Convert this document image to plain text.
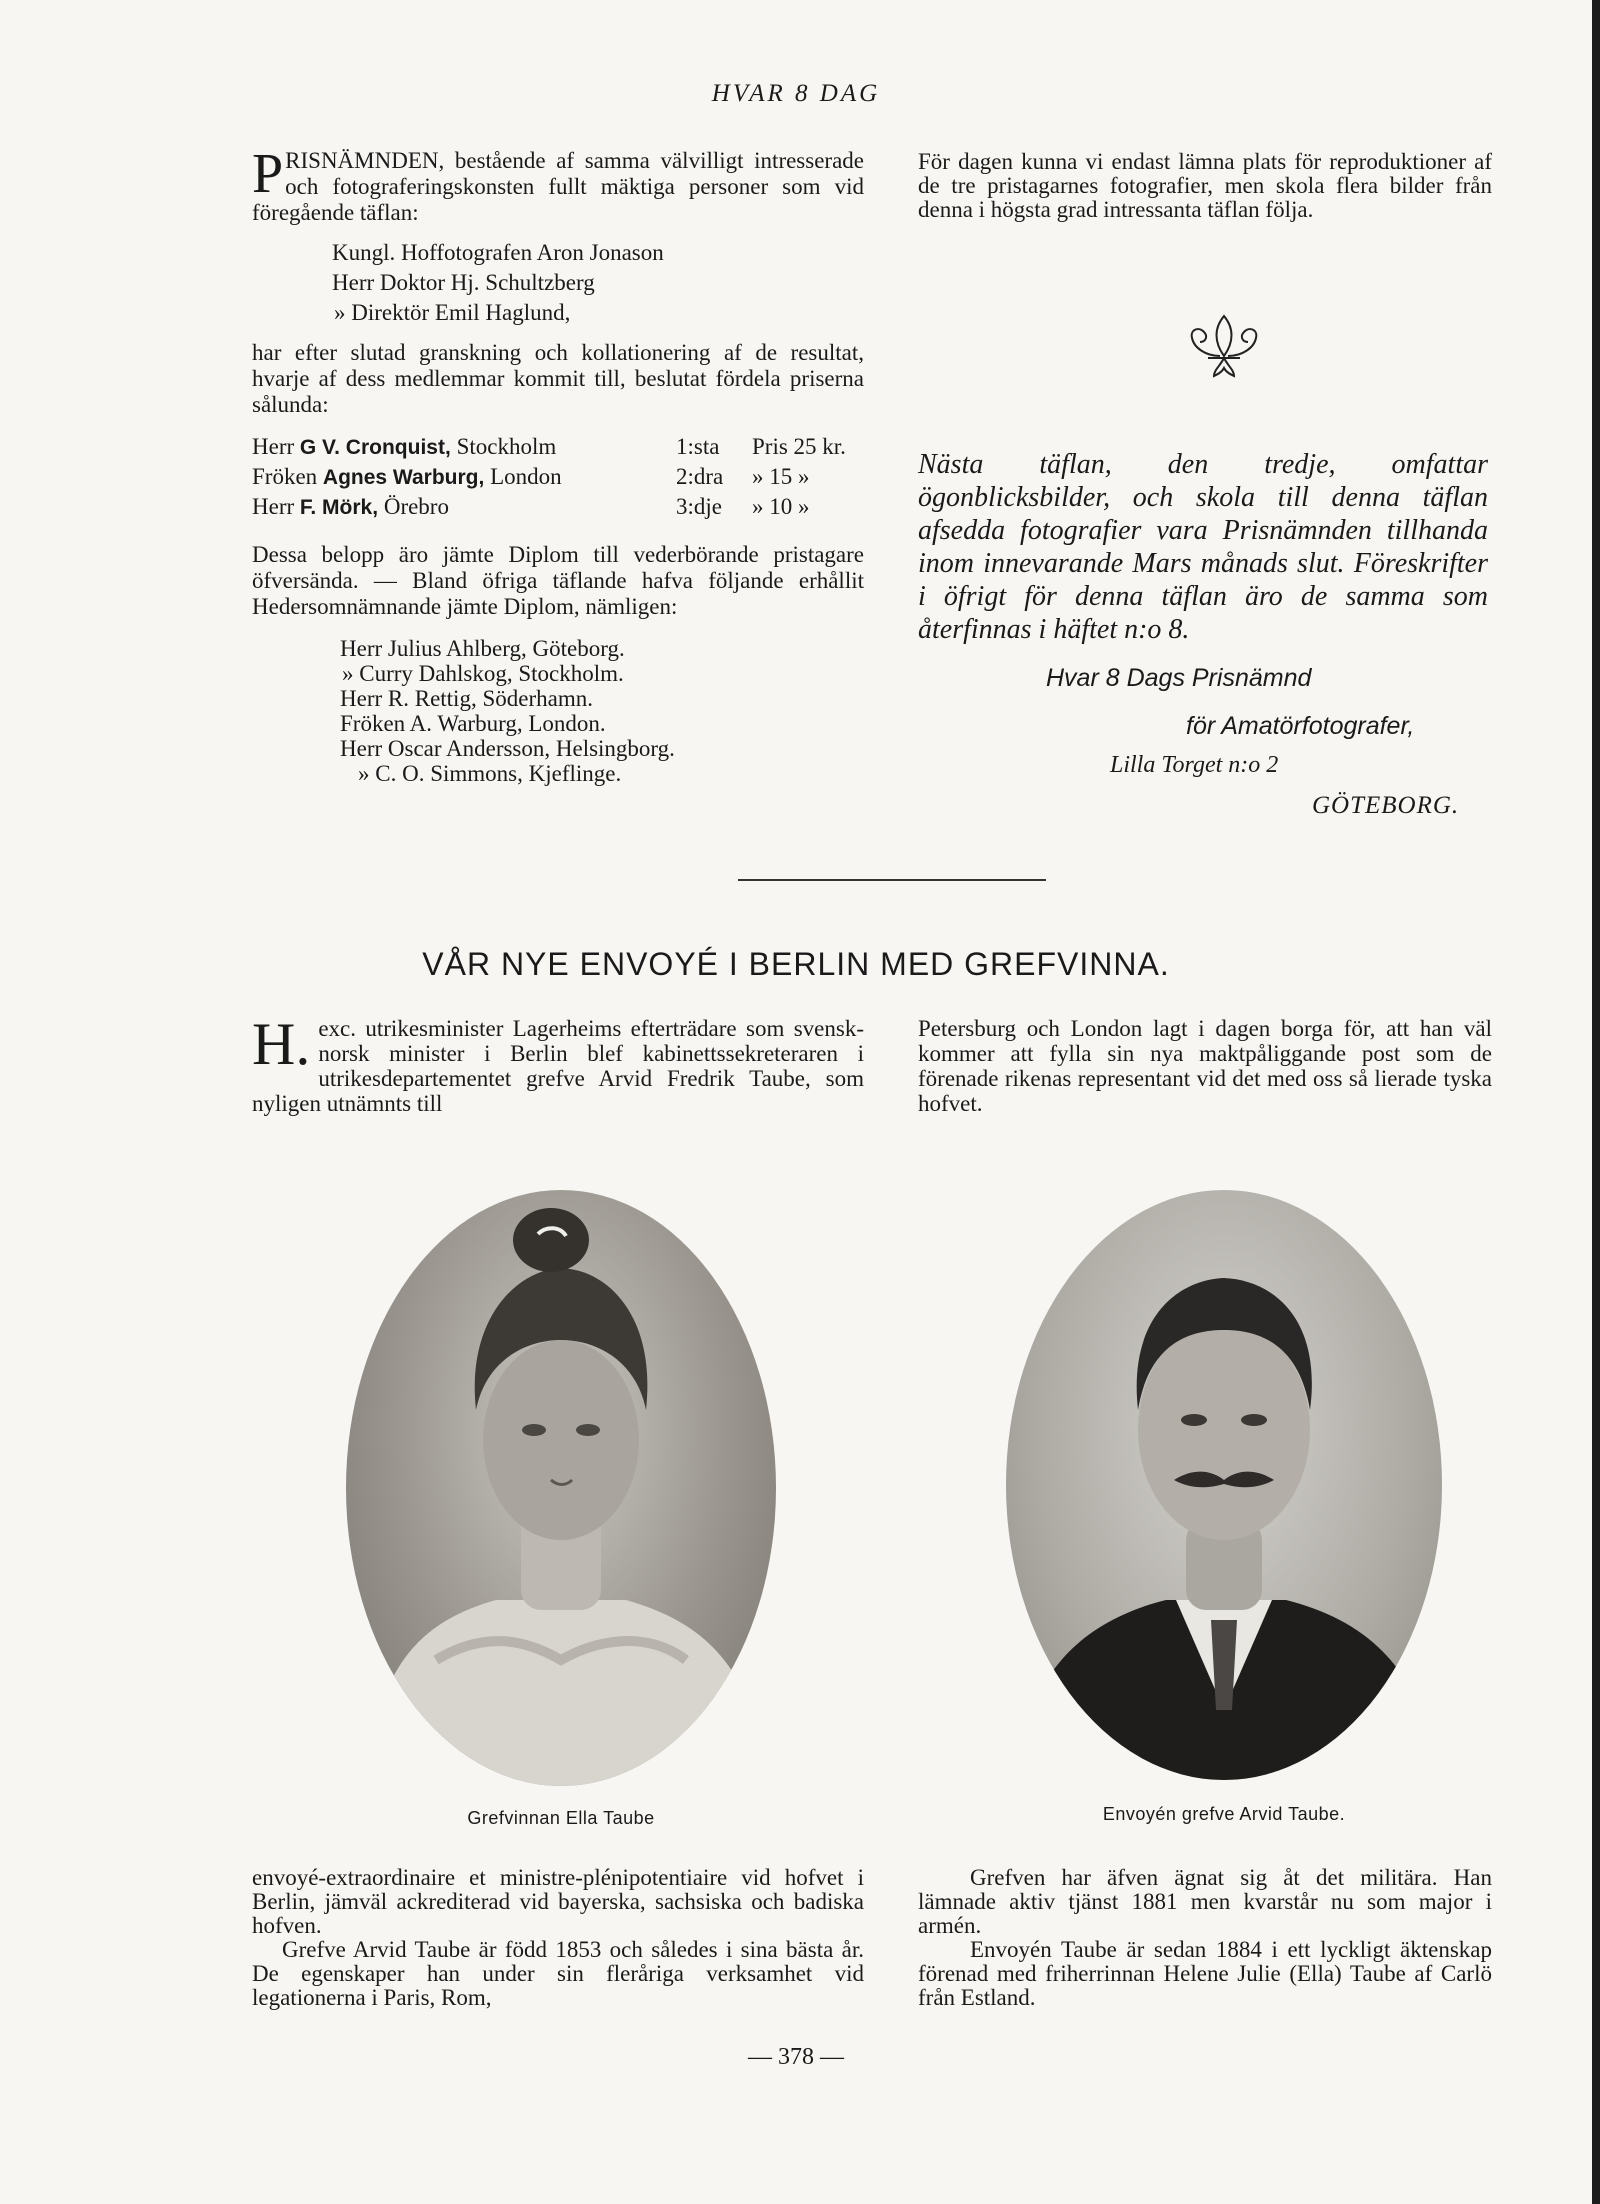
HVAR 8 DAG

PRISNÄMNDEN, bestående af samma välvilligt intresserade och fotograferingskonsten fullt mäktiga personer som vid föregående täflan:

Kungl. Hoffotografen Aron Jonason
Herr Doktor Hj. Schultzberg
» Direktör Emil Haglund,

har efter slutad granskning och kollationering af de resultat, hvarje af dess medlemmar kommit till, beslutat fördela priserna sålunda:

Herr G V. Cronquist, Stockholm	1:sta	Pris 25 kr.
Fröken Agnes Warburg, London	2:dra	» 15 »
Herr F. Mörk, Örebro	3:dje	» 10 »

Dessa belopp äro jämte Diplom till vederbörande pristagare öfversända. — Bland öfriga täflande hafva följande erhållit Hedersomnämnande jämte Diplom, nämligen:

Herr Julius Ahlberg, Göteborg.
» Curry Dahlskog, Stockholm.
Herr R. Rettig, Söderhamn.
Fröken A. Warburg, London.
Herr Oscar Andersson, Helsingborg.
» C. O. Simmons, Kjeflinge.
För dagen kunna vi endast lämna plats för reproduktioner af de tre pristagarnes fotografier, men skola flera bilder från denna i högsta grad intressanta täflan följa.
Nästa täflan, den tredje, omfattar ögonblicksbilder, och skola till denna täflan afsedda fotografier vara Prisnämnden tillhanda inom innevarande Mars månads slut. Föreskrifter i öfrigt för denna täflan äro de samma som återfinnas i häftet n:o 8.
Hvar 8 Dags Prisnämnd
för Amatörfotografer,
Lilla Torget n:o 2
GÖTEBORG.
VÅR NYE ENVOYÉ I BERLIN MED GREFVINNA.
H. exc. utrikesminister Lagerheims efterträdare som svensk-norsk minister i Berlin blef kabinettssekreteraren i utrikesdepartementet grefve Arvid Fredrik Taube, som nyligen utnämnts till
Petersburg och London lagt i dagen borga för, att han väl kommer att fylla sin nya maktpåliggande post som de förenade rikenas representant vid det med oss så lierade tyska hofvet.
Grefvinnan Ella Taube	Envoyén grefve Arvid Taube.

envoyé-extraordinaire et ministre-plénipotentiaire vid hofvet i Berlin, jämväl ackrediterad vid bayerska, sachsiska och badiska hofven.

Grefve Arvid Taube är född 1853 och således i sina bästa år. De egenskaper han under sin fleråriga verksamhet vid legationerna i Paris, Rom,

Grefven har äfven ägnat sig åt det militära. Han lämnade aktiv tjänst 1881 men kvarstår nu som major i armén.

Envoyén Taube är sedan 1884 i ett lyckligt äktenskap förenad med friherrinnan Helene Julie (Ella) Taube af Carlö från Estland.

— 378 —
